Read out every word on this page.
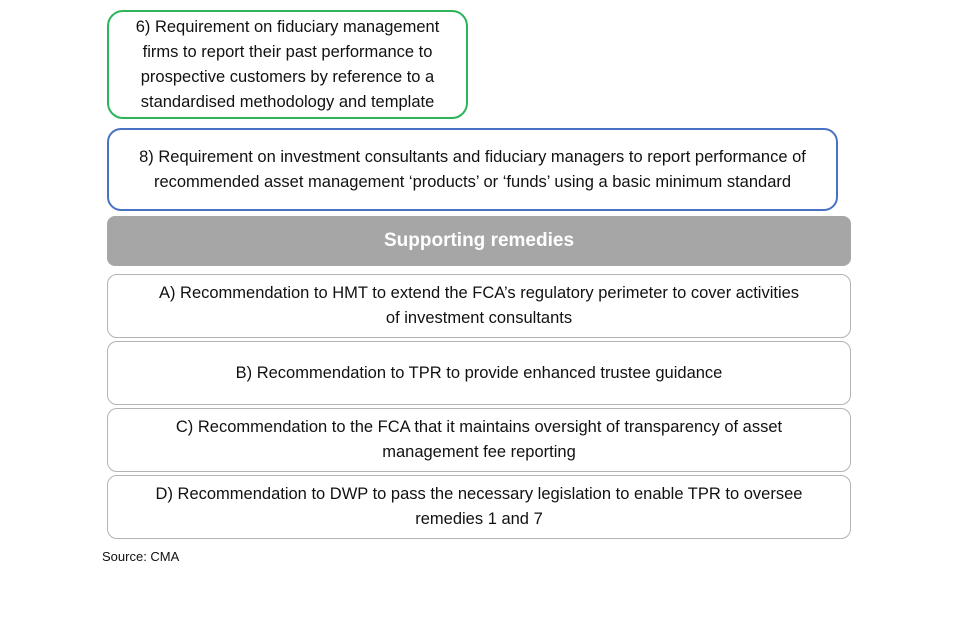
6) Requirement on fiduciary management firms to report their past performance to prospective customers by reference to a standardised methodology and template
8) Requirement on investment consultants and fiduciary managers to report performance of recommended asset management ‘products’ or ‘funds’ using a basic minimum standard
Supporting remedies
A) Recommendation to HMT to extend the FCA’s regulatory perimeter to cover activities of investment consultants
B) Recommendation to TPR to provide enhanced trustee guidance
C) Recommendation to the FCA that it maintains oversight of transparency of asset management fee reporting
D) Recommendation to DWP to pass the necessary legislation to enable TPR to oversee remedies 1 and 7
Source: CMA
